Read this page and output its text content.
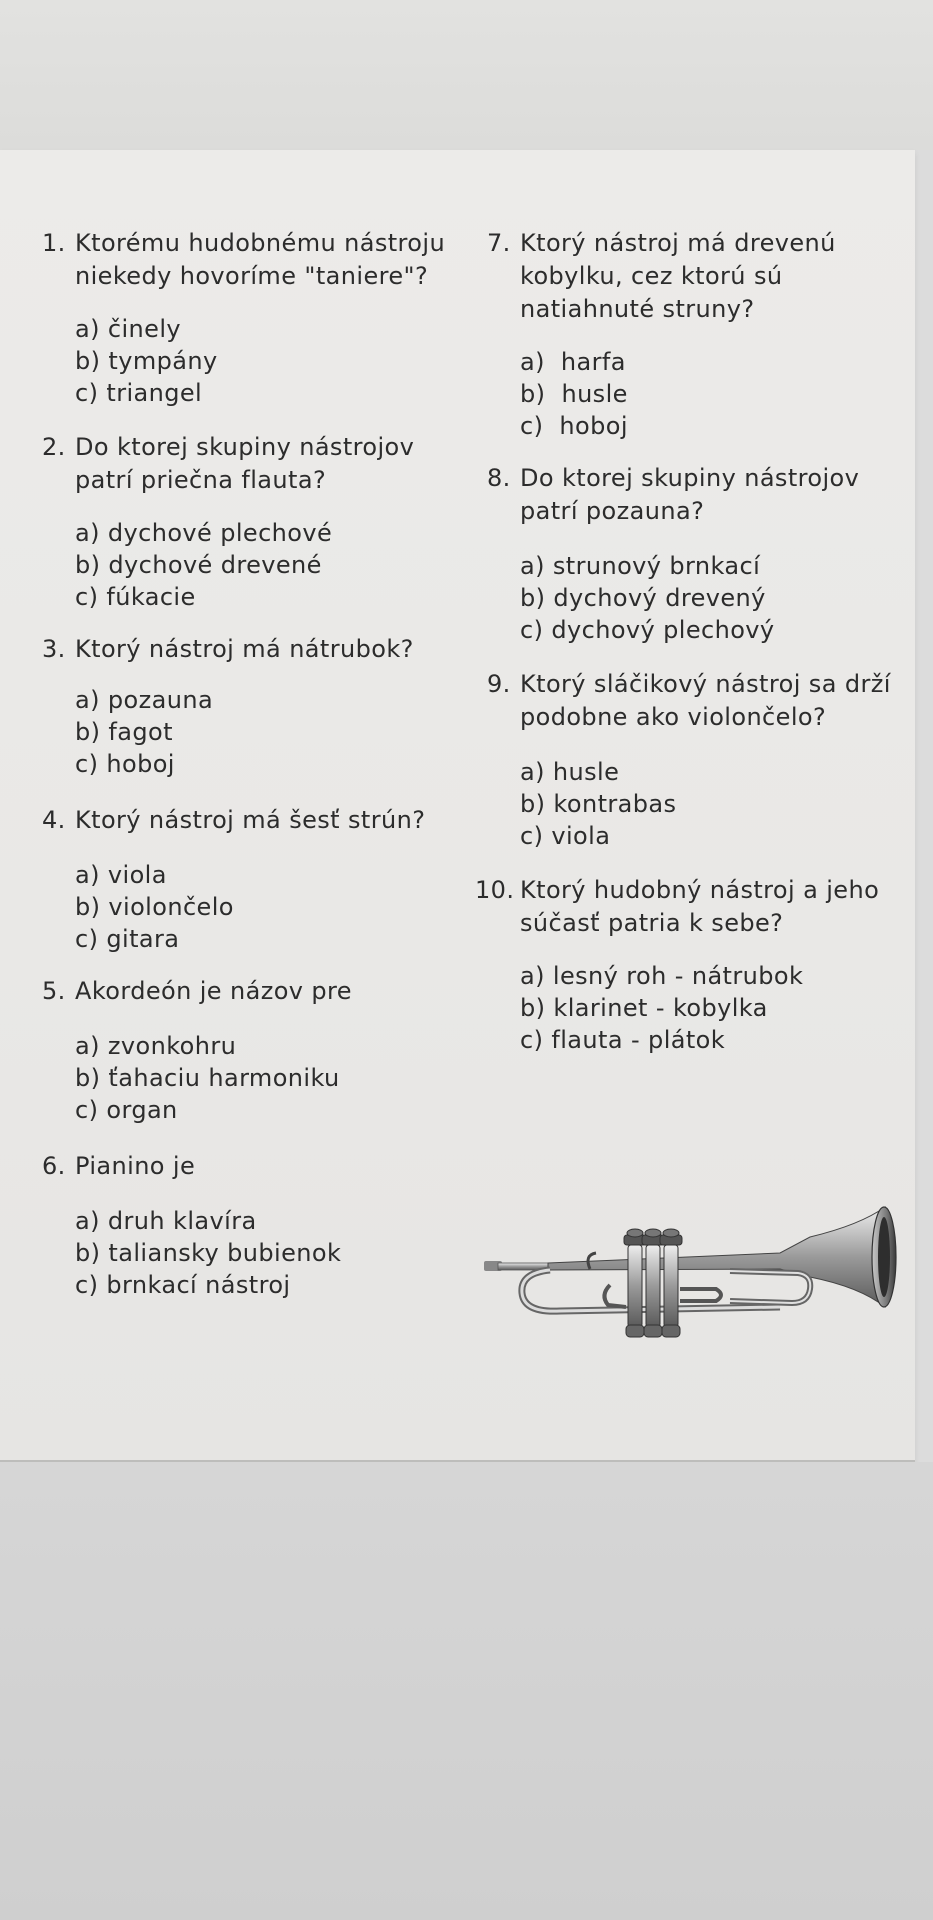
1. Ktorému hudobnému nástroju niekedy hovoríme "taniere"?
a) činely
b) tympány
c) triangel
2. Do ktorej skupiny nástrojov patrí priečna flauta?
a) dychové plechové
b) dychové drevené
c) fúkacie
3. Ktorý nástroj má nátrubok?
a) pozauna
b) fagot
c) hoboj
4. Ktorý nástroj má šesť strún?
a) viola
b) violončelo
c) gitara
5. Akordeón je názov pre
a) zvonkohru
b) ťahaciu harmoniku
c) organ
6. Pianino je
a) druh klavíra
b) taliansky bubienok
c) brnkací nástroj
7. Ktorý nástroj má drevenú kobylku, cez ktorú sú natiahnuté struny?
a)  harfa
b)  husle
c)  hoboj
8. Do ktorej skupiny nástrojov patrí pozauna?
a) strunový brnkací
b) dychový drevený
c) dychový plechový
9. Ktorý sláčikový nástroj sa drží podobne ako violončelo?
a) husle
b) kontrabas
c) viola
10. Ktorý hudobný nástroj a jeho súčasť patria k sebe?
a) lesný roh - nátrubok
b) klarinet - kobylka
c) flauta - plátok
